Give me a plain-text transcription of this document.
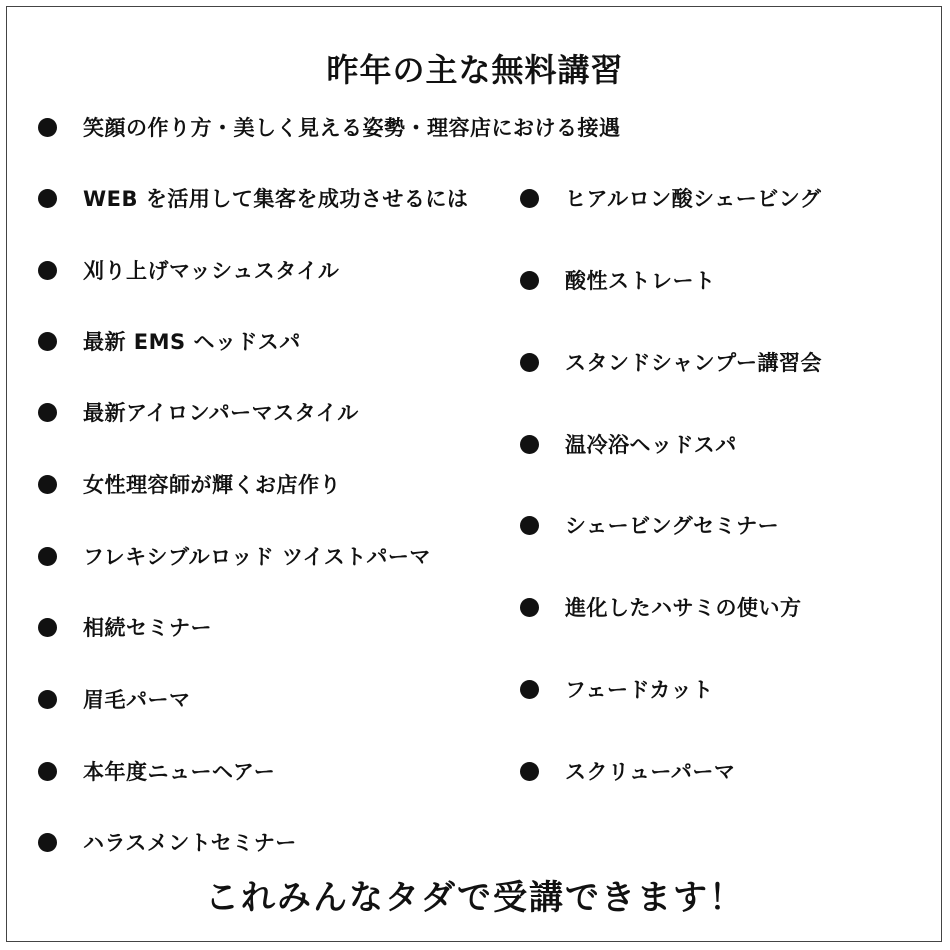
昨年の主な無料講習
笑顔の作り方・美しく見える姿勢・理容店における接遇
WEB を活用して集客を成功させるには
刈り上げマッシュスタイル
最新 EMS ヘッドスパ
最新アイロンパーマスタイル
女性理容師が輝くお店作り
フレキシブルロッド ツイストパーマ
相続セミナー
眉毛パーマ
本年度ニューヘアー
ハラスメントセミナー
ヒアルロン酸シェービング
酸性ストレート
スタンドシャンプー講習会
温冷浴ヘッドスパ
シェービングセミナー
進化したハサミの使い方
フェードカット
スクリューパーマ
これみんなタダで受講できます！
